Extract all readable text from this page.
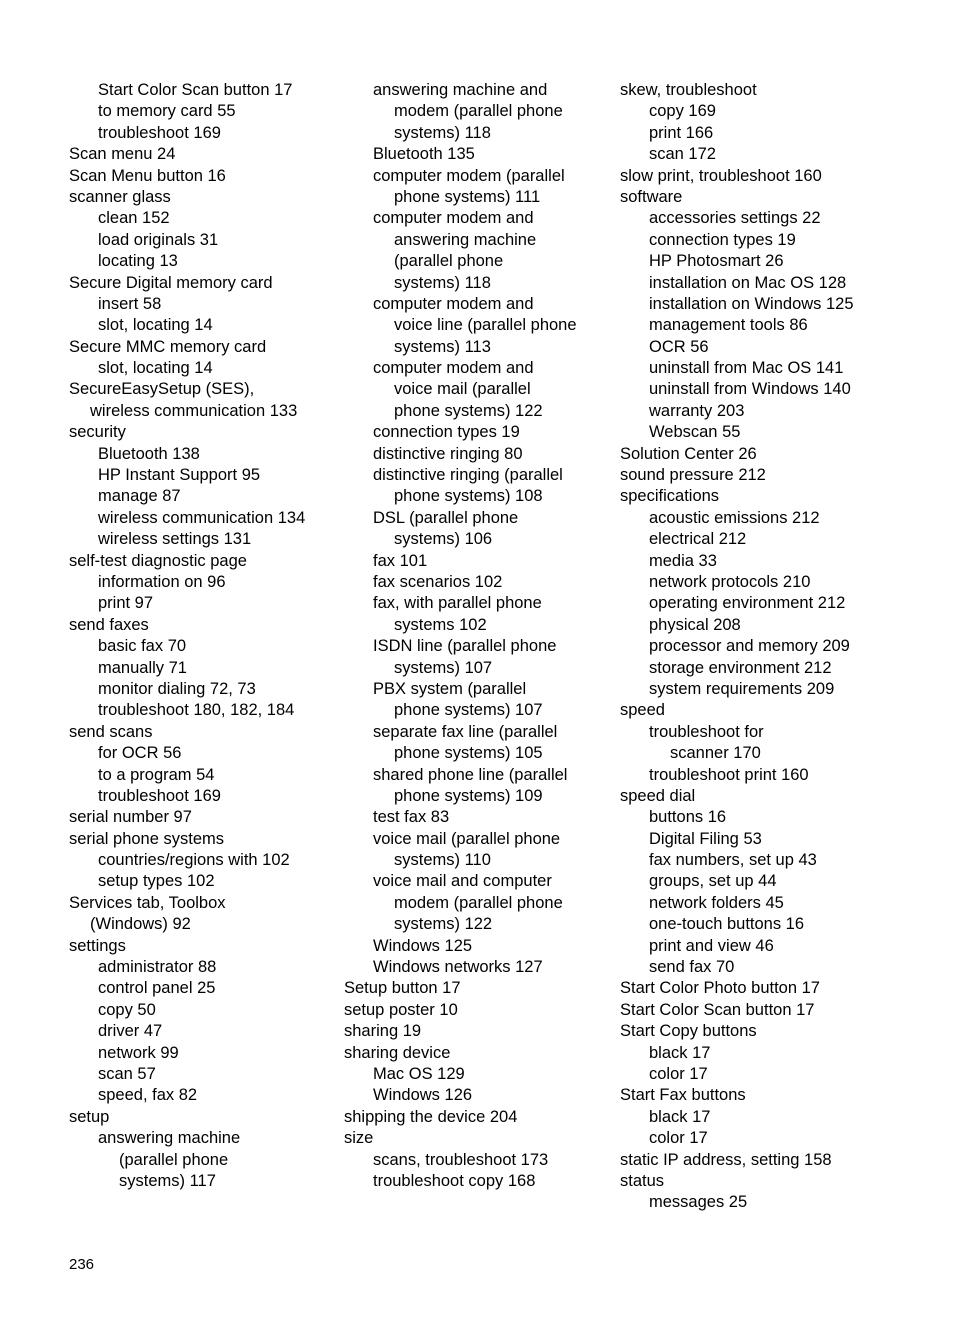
Start Color Scan button 17
to memory card 55
troubleshoot 169
Scan menu 24
Scan Menu button 16
scanner glass
clean 152
load originals 31
locating 13
Secure Digital memory card
insert 58
slot, locating 14
Secure MMC memory card
slot, locating 14
SecureEasySetup (SES),
wireless communication 133
security
Bluetooth 138
HP Instant Support 95
manage 87
wireless communication 134
wireless settings 131
self-test diagnostic page
information on 96
print 97
send faxes
basic fax 70
manually 71
monitor dialing 72, 73
troubleshoot 180, 182, 184
send scans
for OCR 56
to a program 54
troubleshoot 169
serial number 97
serial phone systems
countries/regions with 102
setup types 102
Services tab, Toolbox
(Windows) 92
settings
administrator 88
control panel 25
copy 50
driver 47
network 99
scan 57
speed, fax 82
setup
answering machine
(parallel phone
systems) 117
answering machine and
modem (parallel phone
systems) 118
Bluetooth 135
computer modem (parallel
phone systems) 111
computer modem and
answering machine
(parallel phone
systems) 118
computer modem and
voice line (parallel phone
systems) 113
computer modem and
voice mail (parallel
phone systems) 122
connection types 19
distinctive ringing 80
distinctive ringing (parallel
phone systems) 108
DSL (parallel phone
systems) 106
fax 101
fax scenarios 102
fax, with parallel phone
systems 102
ISDN line (parallel phone
systems) 107
PBX system (parallel
phone systems) 107
separate fax line (parallel
phone systems) 105
shared phone line (parallel
phone systems) 109
test fax 83
voice mail (parallel phone
systems) 110
voice mail and computer
modem (parallel phone
systems) 122
Windows 125
Windows networks 127
Setup button 17
setup poster 10
sharing 19
sharing device
Mac OS 129
Windows 126
shipping the device 204
size
scans, troubleshoot 173
troubleshoot copy 168
skew, troubleshoot
copy 169
print 166
scan 172
slow print, troubleshoot 160
software
accessories settings 22
connection types 19
HP Photosmart 26
installation on Mac OS 128
installation on Windows 125
management tools 86
OCR 56
uninstall from Mac OS 141
uninstall from Windows 140
warranty 203
Webscan 55
Solution Center 26
sound pressure 212
specifications
acoustic emissions 212
electrical 212
media 33
network protocols 210
operating environment 212
physical 208
processor and memory 209
storage environment 212
system requirements 209
speed
troubleshoot for
scanner 170
troubleshoot print 160
speed dial
buttons 16
Digital Filing 53
fax numbers, set up 43
groups, set up 44
network folders 45
one-touch buttons 16
print and view 46
send fax 70
Start Color Photo button 17
Start Color Scan button 17
Start Copy buttons
black 17
color 17
Start Fax buttons
black 17
color 17
static IP address, setting 158
status
messages 25
236
